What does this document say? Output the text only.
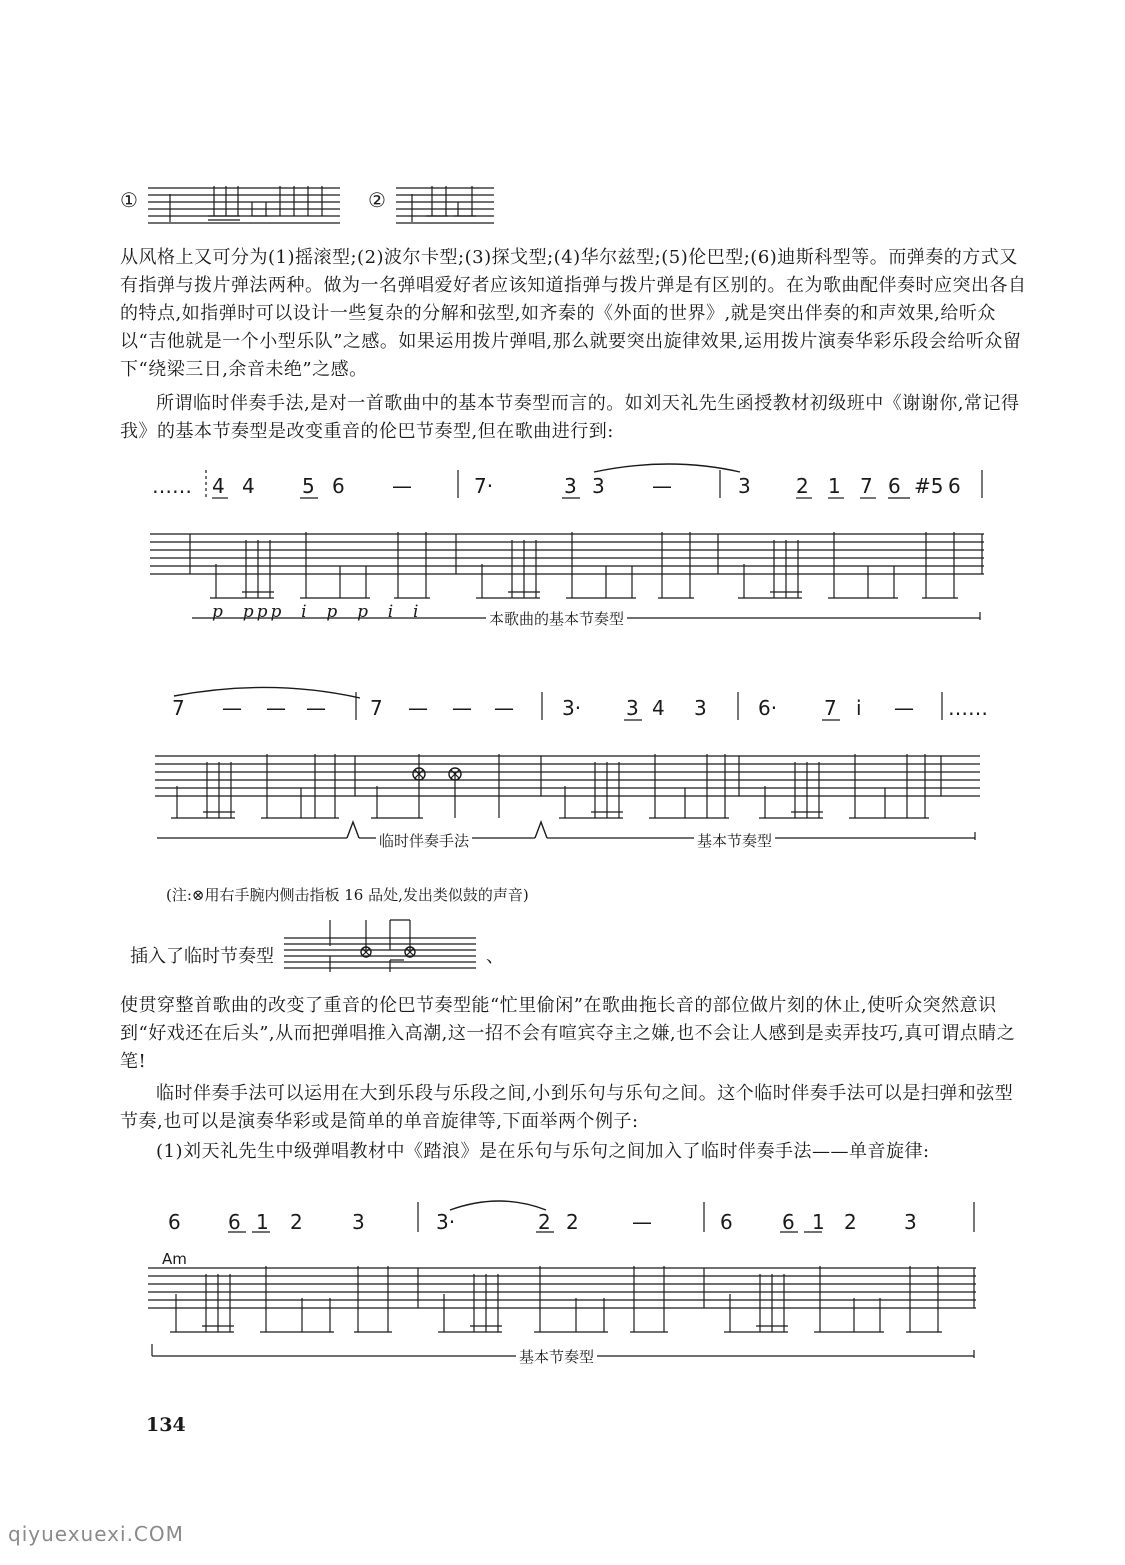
①	②

从风格上又可分为(1)摇滚型;(2)波尔卡型;(3)探戈型;(4)华尔兹型;(5)伦巴型;(6)迪斯科型等。而弹奏的方式又有指弹与拨片弹法两种。做为一名弹唱爱好者应该知道指弹与拨片弹是有区别的。在为歌曲配伴奏时应突出各自的特点,如指弹时可以设计一些复杂的分解和弦型,如齐秦的《外面的世界》,就是突出伴奏的和声效果,给听众以“吉他就是一个小型乐队”之感。如果运用拨片弹唱,那么就要突出旋律效果,运用拨片演奏华彩乐段会给听众留下“绕梁三日,余音未绝”之感。

所谓临时伴奏手法,是对一首歌曲中的基本节奏型而言的。如刘天礼先生函授教材初级班中《谢谢你,常记得我》的基本节奏型是改变重音的伦巴节奏型,但在歌曲进行到:

…… 4 4 5 6 —	7·	3 3 —	3 2 1 7 6 #5 6
p  ppp  i  p  p  i  i	本歌曲的基本节奏型
7 — — — 7 — — — 3· 3 4 3	6· 7 i — ……
临时伴奏手法	基本节奏型
(注:⊗用右手腕内侧击指板 16 品处,发出类似鼓的声音)
插入了临时节奏型	、

使贯穿整首歌曲的改变了重音的伦巴节奏型能“忙里偷闲”在歌曲拖长音的部位做片刻的休止,使听众突然意识到“好戏还在后头”,从而把弹唱推入高潮,这一招不会有喧宾夺主之嫌,也不会让人感到是卖弄技巧,真可谓点睛之笔!

临时伴奏手法可以运用在大到乐段与乐段之间,小到乐句与乐句之间。这个临时伴奏手法可以是扫弹和弦型节奏,也可以是演奏华彩或是简单的单音旋律等,下面举两个例子:

(1)刘天礼先生中级弹唱教材中《踏浪》是在乐句与乐句之间加入了临时伴奏手法——单音旋律:

6 6 1 2 3	3·	2 2	—	6 6 1 2 3
Am
基本节奏型
134
qiyuexuexi.COM
